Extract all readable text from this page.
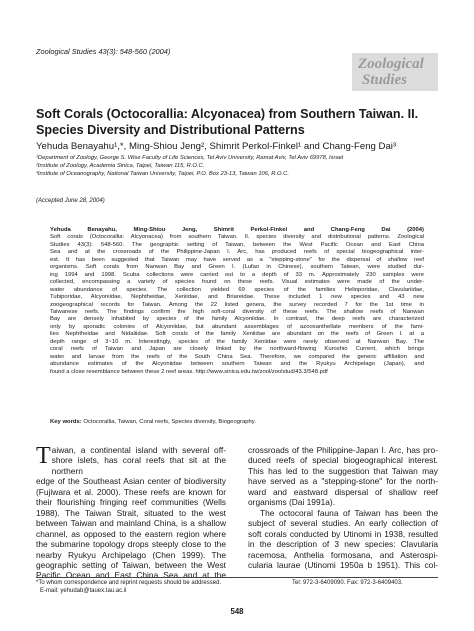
Zoological Studies 43(3): 548-560 (2004)
Zoological
Studies
Soft Corals (Octocorallia: Alcyonacea) from Southern Taiwan. II.
Species Diversity and Distributional Patterns
Yehuda Benayahu¹,*, Ming-Shiou Jeng², Shimrit Perkol-Finkel¹ and Chang-Feng Dai³
¹Department of Zoology, George S. Wise Faculty of Life Sciences, Tel Aviv University, Ramat Aviv, Tel Aviv 69978, Israel
²Institute of Zoology, Academia Sinica, Taipei, Taiwan 115, R.O.C.
³Institute of Oceanography, National Taiwan University, Taipei, P.O. Box 23-13, Taiwan 106, R.O.C.
(Accepted June 28, 2004)
Yehuda Benayahu, Ming-Shiou Jeng, Shimrit Perkol-Finkel and Chang-Feng Dai (2004)
Soft corals (Octocorallia: Alcyonacea) from southern Taiwan. II. species diversity and distributional patterns. Zoological
Studies 43(3): 548-560. The geographic setting of Taiwan, between the West Pacific Ocean and East China
Sea and at the crossroads of the Philippine-Japan I. Arc, has produced reefs of special biogeographical inter-
est. It has been suggested that Taiwan may have served as a "stepping-stone" for the dispersal of shallow reef
organisms. Soft corals from Nanwan Bay and Green I. (Lufao in Chinese), southern Taiwan, were studied dur-
ing 1994 and 1998. Scuba collections were carried out to a depth of 33 m. Approximately 230 samples were
collected, encompassing a variety of species found on these reefs. Visual estimates were made of the under-
water abundance of species. The collection yielded 69 species of the families Helioporidae, Clavulariidae,
Tubiporidae, Alcyoniidae, Nephtheidae, Xeniidae, and Briareidae. These included 1 new species and 43 new
zoogeographical records for Taiwan. Among the 22 listed genera, the survey recorded 7 for the 1st time in
Taiwanese reefs. The findings confirm the high soft-coral diversity of these reefs. The shallow reefs of Nanwan
Bay are densely inhabited by species of the family Alcyoniidae. In contrast, the deep reefs are characterized
only by sporadic colonies of Alcyoniidae, but abundant assemblages of azooxanthellate members of the fami-
lies Nephtheidae and Nidaliidae. Soft corals of the family Xeniidae are abundant on the reefs of Green I. at a
depth range of 3~10 m. Interestingly, species of the family Xeniidae were rarely observed at Nanwan Bay. The
coral reefs of Taiwan and Japan are closely linked by the northward-flowing Kuroshio Current, which brings
water and larvae from the reefs of the South China Sea. Therefore, we compared the generic affiliation and
abundance estimates of the Alcyoniidae between southern Taiwan and the Ryukyu Archipelago (Japan), and
found a close resemblance between these 2 reef areas. http://www.sinica.edu.tw/zool/zoolstud/43.3/548.pdf
Key words: Octocorallia, Taiwan, Coral reefs, Species diversity, Biogeography.
T aiwan, a continental island with several off-
shore islets, has coral reefs that sit at the northern
edge of the Southeast Asian center of biodiversity
(Fujiwara et al. 2000). These reefs are known for
their flourishing fringing reef communities (Wells
1988). The Taiwan Strait, situated to the west
between Taiwan and mainland China, is a shallow
channel, as opposed to the eastern region where
the submarine topology drops steeply close to the
nearby Ryukyu Archipelago (Chen 1999). The
geographic setting of Taiwan, between the West
Pacific Ocean and East China Sea and at the
crossroads of the Philippine-Japan I. Arc, has pro-
duced reefs of special biogeographical interest.
This has led to the suggestion that Taiwan may
have served as a "stepping-stone" for the north-
ward and eastward dispersal of shallow reef
organisms (Dai 1991a).
The octocoral fauna of Taiwan has been the
subject of several studies. An early collection of
soft corals conducted by Utinomi in 1938, resulted
in the description of 3 new species: Clavularia
racemosa, Anthelia formosana, and Asterospi-
cularia laurae (Utinomi 1950a b 1951). This col-
*To whom correspondence and reprint requests should be addressed.	Tel: 972-3-6409090. Fax: 972-3-6409403.
E-mail: yehudab@tauex.tau.ac.il
548
